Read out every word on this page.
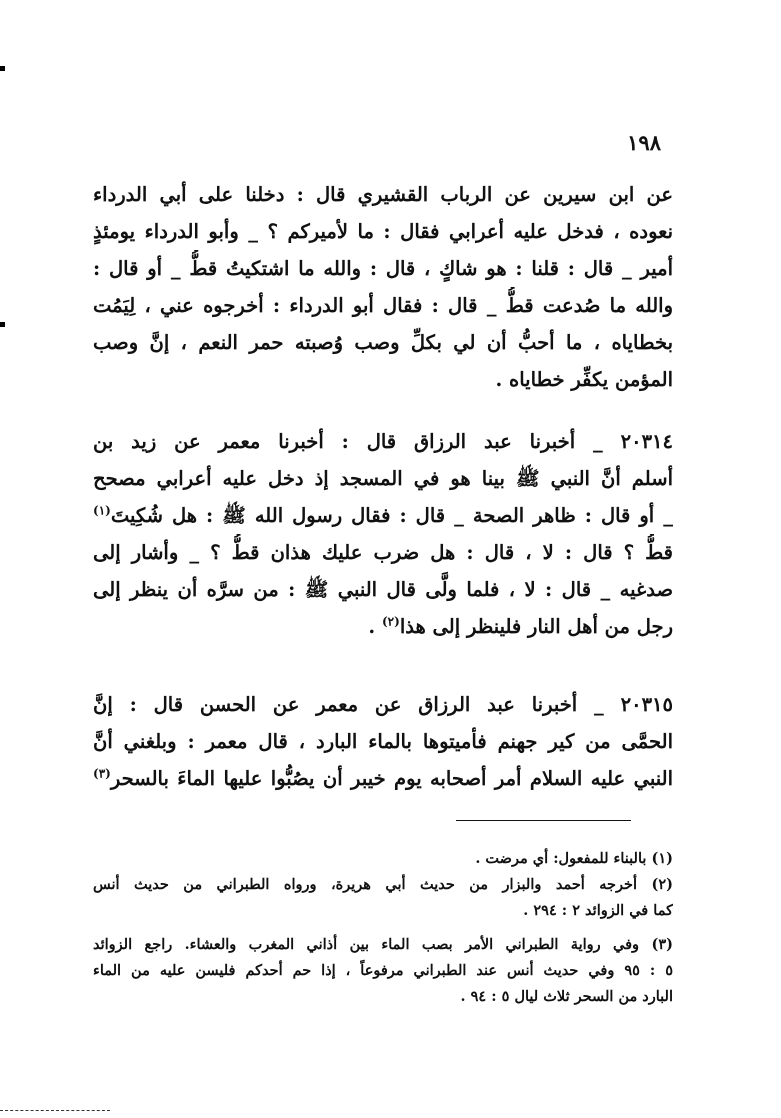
١٩٨
عن ابن سيرين عن الرباب القشيري قال : دخلنا على أبي الدرداء
نعوده ، فدخل عليه أعرابي فقال : ما لأميركم ؟ _ وأبو الدرداء يومئذٍ
أمير _ قال : قلنا : هو شاكٍ ، قال : والله ما اشتكيتُ قطُّ _ أو قال :
والله ما صُدعت قطُّ _ قال : فقال أبو الدرداء : أخرجوه عني ، لِيَمُت
بخطاياه ، ما أحبُّ أن لي بكلِّ وصب وُصبته حمر النعم ، إنَّ وصب
المؤمن يكفِّر خطاياه .
٢٠٣١٤ _ أخبرنا عبد الرزاق قال : أخبرنا معمر عن زيد بن
أسلم أنَّ النبي ﷺ بينا هو في المسجد إذ دخل عليه أعرابي مصحح
_ أو قال : ظاهر الصحة _ قال : فقال رسول الله ﷺ : هل شُكِيتَ$^{(١)}$
قطُّ ؟ قال : لا ، قال : هل ضرب عليك هذان قطُّ ؟ _ وأشار إلى
صدغيه _ قال : لا ، فلما ولَّى قال النبي ﷺ : من سرَّه أن ينظر إلى
رجل من أهل النار فلينظر إلى هذا$^{(٢)}$ .
٢٠٣١٥ _ أخبرنا عبد الرزاق عن معمر عن الحسن قال : إنَّ
الحمَّى من كير جهنم فأميتوها بالماء البارد ، قال معمر : وبلغني أنَّ
النبي عليه السلام أمر أصحابه يوم خيبر أن يصُبُّوا عليها الماءَ بالسحر$^{(٣)}$
(١) بالبناء للمفعول: أي مرضت .
(٢) أخرجه أحمد والبزار من حديث أبي هريرة، ورواه الطبراني من حديث أنس
كما في الزوائد ٢ : ٢٩٤ .
(٣) وفي رواية الطبراني الأمر بصب الماء بين أذاني المغرب والعشاء. راجع الزوائد
٥ : ٩٥ وفي حديث أنس عند الطبراني مرفوعاً ، إذا حم أحدكم فليسن عليه من الماء
البارد من السحر ثلاث ليال ٥ : ٩٤ .
